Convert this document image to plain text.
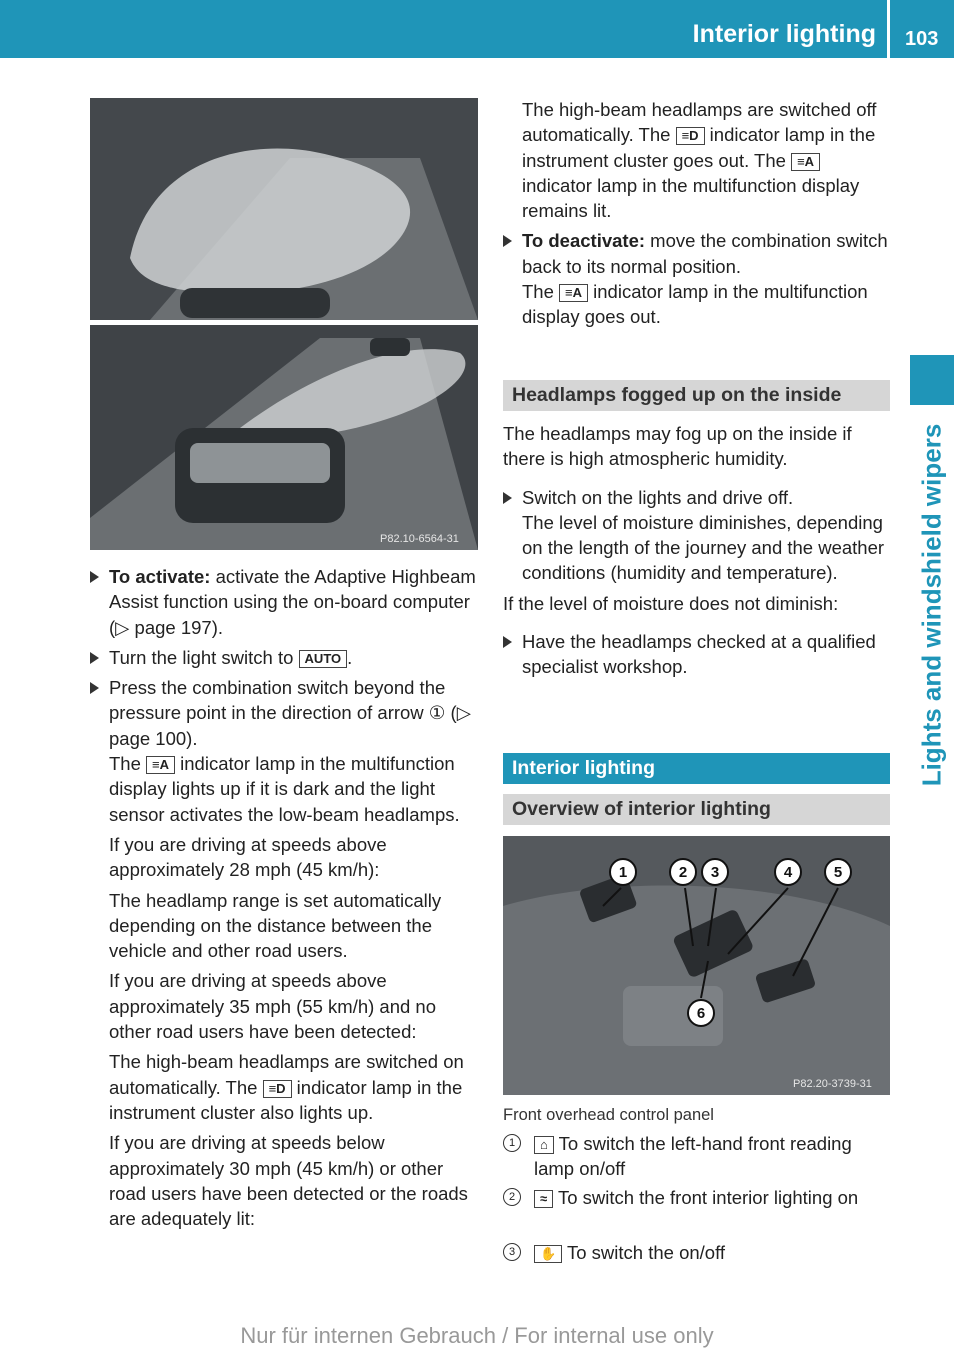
Interior lighting 103
Lights and windshield wipers
P82.10-6564-31
To activate: activate the Adaptive Highbeam Assist function using the on-board computer (▷ page 197).
Turn the light switch to AUTO .
Press the combination switch beyond the pressure point in the direction of arrow ① (▷ page 100).
The ≡A indicator lamp in the multifunction display lights up if it is dark and the light sensor activates the low-beam headlamps.
If you are driving at speeds above approximately 28 mph (45 km/h):
The headlamp range is set automatically depending on the distance between the vehicle and other road users.
If you are driving at speeds above approximately 35 mph (55 km/h) and no other road users have been detected:
The high-beam headlamps are switched on automatically. The ≡D indicator lamp in the instrument cluster also lights up.
If you are driving at speeds below approximately 30 mph (45 km/h) or other road users have been detected or the roads are adequately lit:
The high-beam headlamps are switched off automatically. The ≡D indicator lamp in the instrument cluster goes out. The ≡A indicator lamp in the multifunction display remains lit.
To deactivate: move the combination switch back to its normal position.
The ≡A indicator lamp in the multifunction display goes out.
Headlamps fogged up on the inside

The headlamps may fog up on the inside if there is high atmospheric humidity.

Switch on the lights and drive off.
The level of moisture diminishes, depending on the length of the journey and the weather conditions (humidity and temperature).

If the level of moisture does not diminish:

Have the headlamps checked at a qualified specialist workshop.
Interior lighting
Overview of interior lighting
1	2 3	4	5
6
P82.20-3739-31
Front overhead control panel
1	⌂ To switch the left-hand front reading lamp on/off
2	≈ To switch the front interior lighting on
3	✋ To switch the on/off
Nur für internen Gebrauch / For internal use only
